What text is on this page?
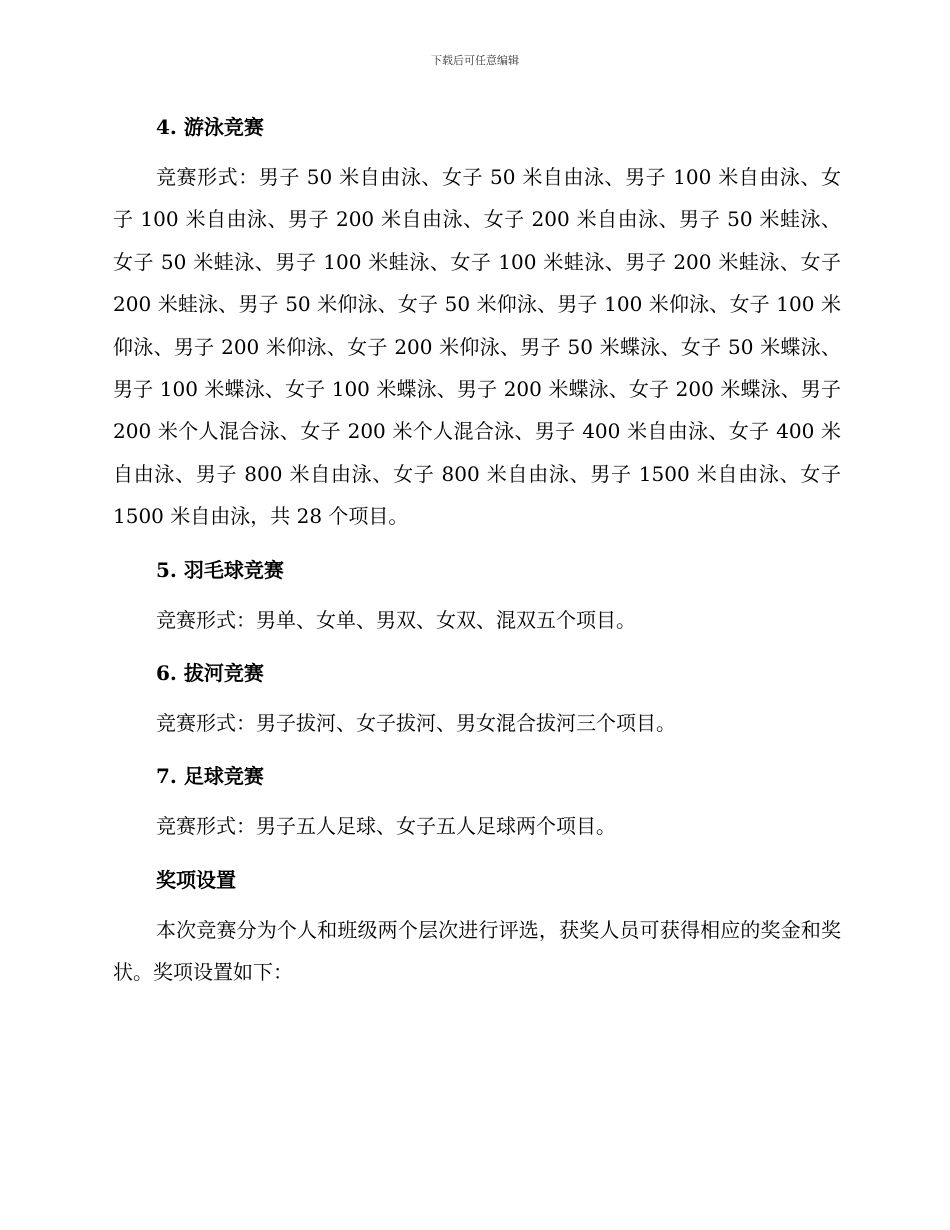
下载后可任意编辑
4. 游泳竞赛

竞赛形式：男子 50 米自由泳、女子 50 米自由泳、男子 100 米自由泳、女子 100 米自由泳、男子 200 米自由泳、女子 200 米自由泳、男子 50 米蛙泳、女子 50 米蛙泳、男子 100 米蛙泳、女子 100 米蛙泳、男子 200 米蛙泳、女子 200 米蛙泳、男子 50 米仰泳、女子 50 米仰泳、男子 100 米仰泳、女子 100 米仰泳、男子 200 米仰泳、女子 200 米仰泳、男子 50 米蝶泳、女子 50 米蝶泳、男子 100 米蝶泳、女子 100 米蝶泳、男子 200 米蝶泳、女子 200 米蝶泳、男子 200 米个人混合泳、女子 200 米个人混合泳、男子 400 米自由泳、女子 400 米自由泳、男子 800 米自由泳、女子 800 米自由泳、男子 1500 米自由泳、女子 1500 米自由泳，共 28 个项目。

5. 羽毛球竞赛

竞赛形式：男单、女单、男双、女双、混双五个项目。

6. 拔河竞赛

竞赛形式：男子拔河、女子拔河、男女混合拔河三个项目。

7. 足球竞赛

竞赛形式：男子五人足球、女子五人足球两个项目。

奖项设置

本次竞赛分为个人和班级两个层次进行评选，获奖人员可获得相应的奖金和奖状。奖项设置如下：
